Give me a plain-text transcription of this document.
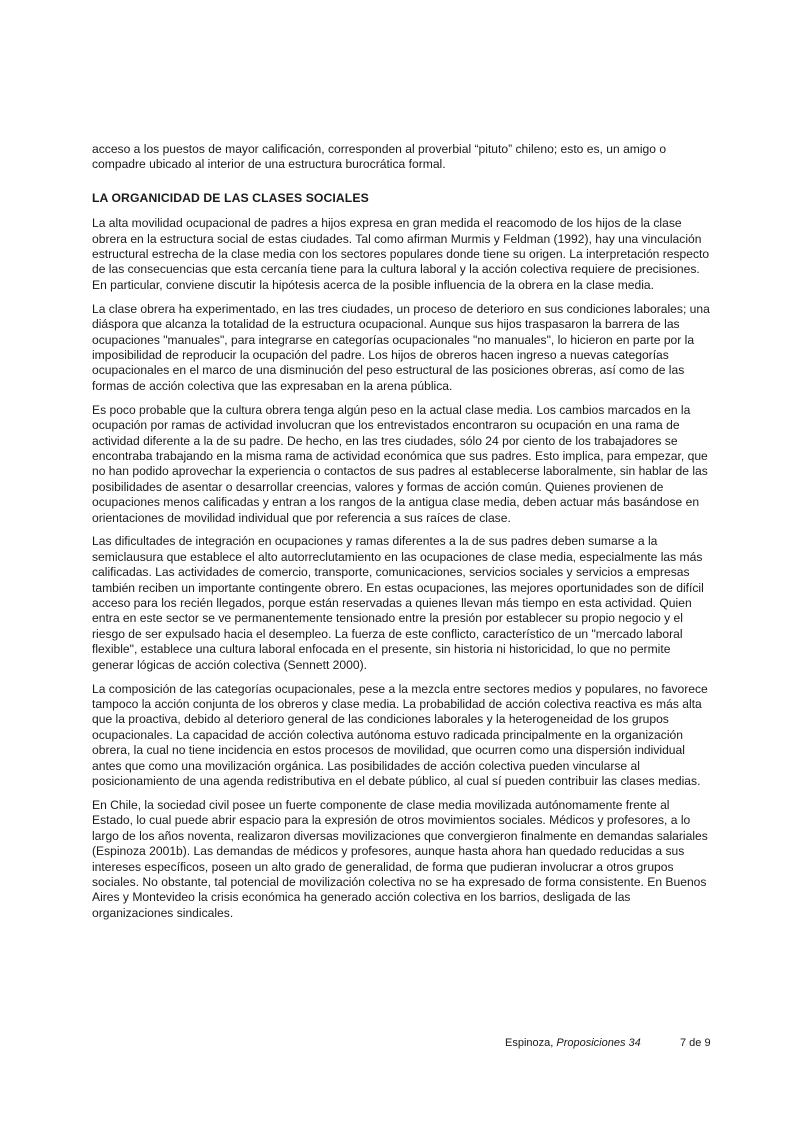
acceso a los puestos de mayor calificación, corresponden al proverbial “pituto” chileno; esto es, un amigo o compadre ubicado al interior de una estructura burocrática formal.

LA ORGANICIDAD DE LAS CLASES SOCIALES

La alta movilidad ocupacional de padres a hijos expresa en gran medida el reacomodo de los hijos de la clase obrera en la estructura social de estas ciudades. Tal como afirman Murmis y Feldman (1992), hay una vinculación estructural estrecha de la clase media con los sectores populares donde tiene su origen. La interpretación respecto de las consecuencias que esta cercanía tiene para la cultura laboral y la acción colectiva requiere de precisiones. En particular, conviene discutir la hipótesis acerca de la posible influencia de la obrera en la clase media.

La clase obrera ha experimentado, en las tres ciudades, un proceso de deterioro en sus condiciones laborales; una diáspora que alcanza la totalidad de la estructura ocupacional. Aunque sus hijos traspasaron la barrera de las ocupaciones "manuales", para integrarse en categorías ocupacionales "no manuales", lo hicieron en parte por la imposibilidad de reproducir la ocupación del padre. Los hijos de obreros hacen ingreso a nuevas categorías ocupacionales en el marco de una disminución del peso estructural de las posiciones obreras, así como de las formas de acción colectiva que las expresaban en la arena pública.

Es poco probable que la cultura obrera tenga algún peso en la actual clase media. Los cambios marcados en la ocupación por ramas de actividad involucran que los entrevistados encontraron su ocupación en una rama de actividad diferente a la de su padre. De hecho, en las tres ciudades, sólo 24 por ciento de los trabajadores se encontraba trabajando en la misma rama de actividad económica que sus padres. Esto implica, para empezar, que no han podido aprovechar la experiencia o contactos de sus padres al establecerse laboralmente, sin hablar de las posibilidades de asentar o desarrollar creencias, valores y formas de acción común. Quienes provienen de ocupaciones menos calificadas y entran a los rangos de la antigua clase media, deben actuar más basándose en orientaciones de movilidad individual que por referencia a sus raíces de clase.

Las dificultades de integración en ocupaciones y ramas diferentes a la de sus padres deben sumarse a la semiclausura que establece el alto autorreclutamiento en las ocupaciones de clase media, especialmente las más calificadas. Las actividades de comercio, transporte, comunicaciones, servicios sociales y servicios a empresas también reciben un importante contingente obrero. En estas ocupaciones, las mejores oportunidades son de difícil acceso para los recién llegados, porque están reservadas a quienes llevan más tiempo en esta actividad. Quien entra en este sector se ve permanentemente tensionado entre la presión por establecer su propio negocio y el riesgo de ser expulsado hacia el desempleo. La fuerza de este conflicto, característico de un "mercado laboral flexible", establece una cultura laboral enfocada en el presente, sin historia ni historicidad, lo que no permite generar lógicas de acción colectiva (Sennett 2000).

La composición de las categorías ocupacionales, pese a la mezcla entre sectores medios y populares, no favorece tampoco la acción conjunta de los obreros y clase media. La probabilidad de acción colectiva reactiva es más alta que la proactiva, debido al deterioro general de las condiciones laborales y la heterogeneidad de los grupos ocupacionales. La capacidad de acción colectiva autónoma estuvo radicada principalmente en la organización obrera, la cual no tiene incidencia en estos procesos de movilidad, que ocurren como una dispersión individual antes que como una movilización orgánica. Las posibilidades de acción colectiva pueden vincularse al posicionamiento de una agenda redistributiva en el debate público, al cual sí pueden contribuir las clases medias.

En Chile, la sociedad civil posee un fuerte componente de clase media movilizada autónomamente frente al Estado, lo cual puede abrir espacio para la expresión de otros movimientos sociales. Médicos y profesores, a lo largo de los años noventa, realizaron diversas movilizaciones que convergieron finalmente en demandas salariales (Espinoza 2001b). Las demandas de médicos y profesores, aunque hasta ahora han quedado reducidas a sus intereses específicos, poseen un alto grado de generalidad, de forma que pudieran involucrar a otros grupos sociales. No obstante, tal potencial de movilización colectiva no se ha expresado de forma consistente. En Buenos Aires y Montevideo la crisis económica ha generado acción colectiva en los barrios, desligada de las organizaciones sindicales.

Espinoza, Proposiciones 34	7 de 9
